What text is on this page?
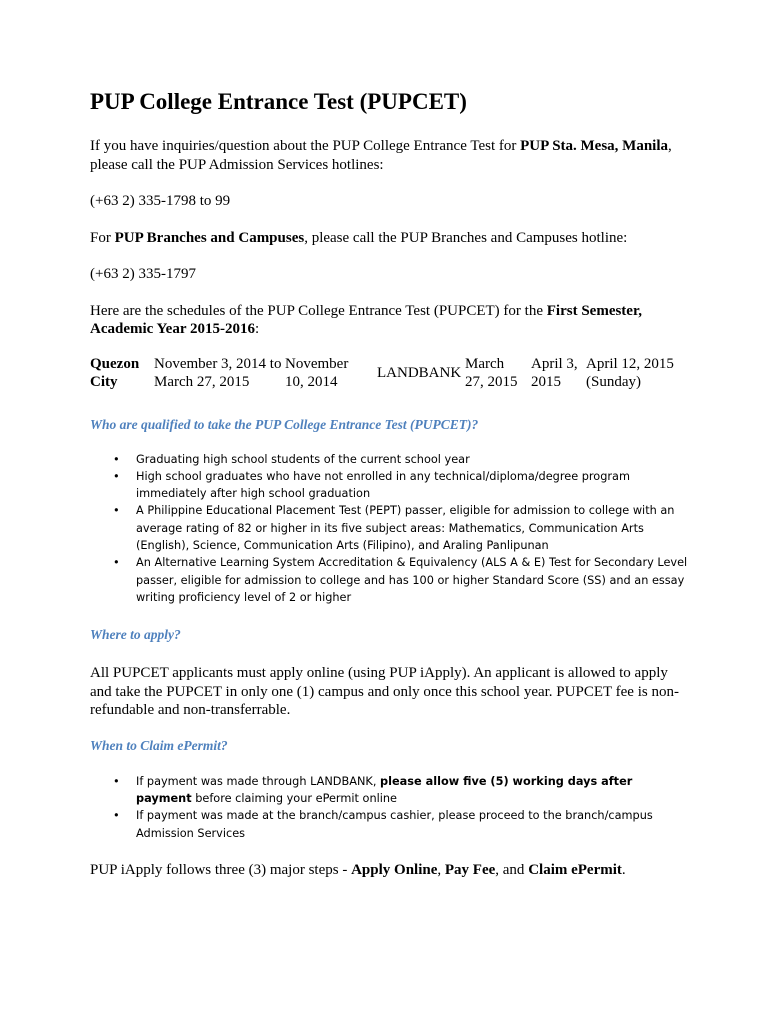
PUP College Entrance Test (PUPCET)

If you have inquiries/question about the PUP College Entrance Test for PUP Sta. Mesa, Manila, please call the PUP Admission Services hotlines:

(+63 2) 335-1798 to 99

For PUP Branches and Campuses, please call the PUP Branches and Campuses hotline:

(+63 2) 335-1797

Here are the schedules of the PUP College Entrance Test (PUPCET) for the First Semester, Academic Year 2015-2016:

Quezon
City
November 3, 2014 to
March 27, 2015
November
10, 2014
LANDBANK
March
27, 2015
April 3,
2015
April 12, 2015
(Sunday)
Who are qualified to take the PUP College Entrance Test (PUPCET)?
• Graduating high school students of the current school year
• High school graduates who have not enrolled in any technical/diploma/degree program immediately after high school graduation
• A Philippine Educational Placement Test (PEPT) passer, eligible for admission to college with an average rating of 82 or higher in its five subject areas: Mathematics, Communication Arts (English), Science, Communication Arts (Filipino), and Araling Panlipunan
• An Alternative Learning System Accreditation & Equivalency (ALS A & E) Test for Secondary Level passer, eligible for admission to college and has 100 or higher Standard Score (SS) and an essay writing proficiency level of 2 or higher
Where to apply?

All PUPCET applicants must apply online (using PUP iApply). An applicant is allowed to apply and take the PUPCET in only one (1) campus and only once this school year. PUPCET fee is non-refundable and non-transferrable.

When to Claim ePermit?
• If payment was made through LANDBANK, please allow five (5) working days after payment before claiming your ePermit online
• If payment was made at the branch/campus cashier, please proceed to the branch/campus Admission Services

PUP iApply follows three (3) major steps - Apply Online, Pay Fee, and Claim ePermit.
